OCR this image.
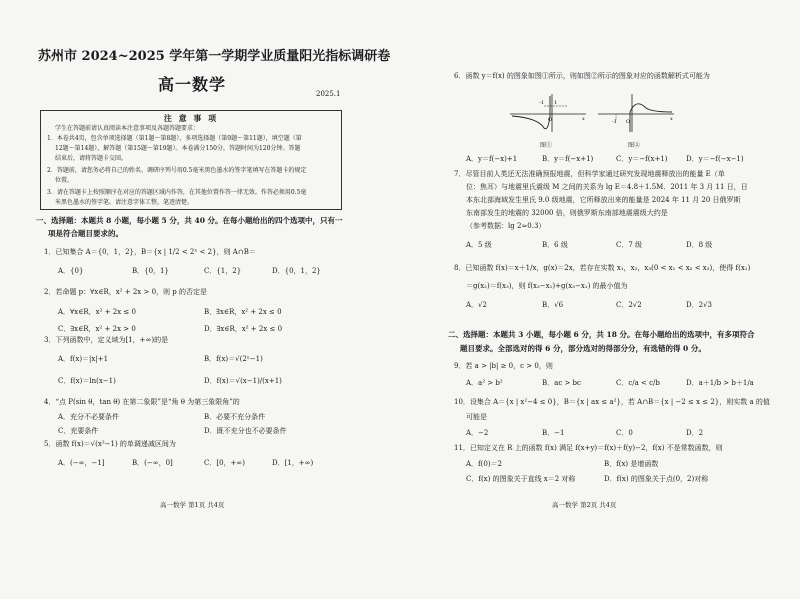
苏州市 2024~2025 学年第一学期学业质量阳光指标调研卷
高一数学	2025.1
注 意 事 项
学生在答题前请认真阅读本注意事项及各题答题要求：
1．本卷共4页，包含单项选择题（第1题～第8题），多项选择题（第9题～第11题），填空题（第
12题～第14题），解答题（第15题～第19题）。本卷满分150分，答题时间为120分钟。答题
结束后，请将答题卡交回。
2．答题前，请您务必将自己的姓名、调研序列号用0.5毫米黑色墨水的签字笔填写在答题卡的规定
位置。
3．请在答题卡上按照顺序在对应的答题区域内作答，在其他位置作答一律无效。作答必须用0.5毫
米黑色墨水的签字笔。请注意字体工整，笔迹清楚。
一、选择题：本题共 8 小题，每小题 5 分，共 40 分。在每小题给出的四个选项中，只有一
项是符合题目要求的。
1．已知集合 A＝{0，1，2}，B＝{x | 1/2 < 2ˣ < 2}，则 A∩B＝
A．{0}	B．{0，1}	C．{1，2}	D．{0，1，2}
2．若命题 p：∀x∈R，x² + 2x > 0，则 p 的否定是
A．∀x∈R，x² + 2x ≤ 0	B．∃x∈R，x² + 2x ≤ 0
C．∃x∈R，x² + 2x > 0	D．∃x∈R，x² + 2x ≤ 0
3．下列函数中，定义域为[1，+∞)的是
A．f(x)＝|x|+1	B．f(x)＝√(2ˣ−1)
C．f(x)＝ln(x−1)	D．f(x)＝√(x−1)/(x+1)
4．“点 P(sin θ，tan θ) 在第二象限”是“角 θ 为第三象限角”的
A．充分不必要条件	B．必要不充分条件
C．充要条件	D．既不充分也不必要条件
5．函数 f(x)＝√(x²−1) 的单调递减区间为
A．(−∞，−1]	B．(−∞，0]	C．[0，+∞)	D．[1，+∞)
高一数学 第1页 共4页
6．函数 y＝f(x) 的图象如图①所示，则如图②所示的图象对应的函数解析式可能为
-1 1
O	x
图①
-1 O	x
图②
A．y＝f(−x)+1	B．y＝f(−x+1)	C．y＝−f(x+1)	D．y＝−f(−x−1)
7．尽管目前人类还无法准确预报地震，但科学家通过研究发现地震释放出的能量 E（单
位：焦耳）与地震里氏震级 M 之间的关系为 lg E＝4.8＋1.5M．2011 年 3 月 11 日，日
本东北部海域发生里氏 9.0 级地震，它所释放出来的能量是 2024 年 11 月 20 日俄罗斯
东南部发生的地震的 32000 倍，则俄罗斯东南部地震震级大约是
（参考数据：lg 2≈0.3）
A．5 级	B．6 级	C．7 级	D．8 级
8．已知函数 f(x)＝x＋1/x，g(x)＝2x，若存在实数 x₁，x₂，x₃(0 < x₁ < x₂ < x₃)，使得 f(x₁)
＝g(x₂)＝f(x₃)，则 f(x₃−x₁)+g(x₃−x₁) 的最小值为
A．√2	B．√6	C．2√2	D．2√3
二、选择题：本题共 3 小题，每小题 6 分，共 18 分。在每小题给出的选项中，有多项符合
题目要求。全部选对的得 6 分，部分选对的得部分分，有选错的得 0 分。
9．若 a > |b| ≥ 0，c > 0，则
A．a² > b²	B．ac > bc	C．c/a < c/b	D．a＋1/b > b＋1/a
10．设集合 A＝{x | x²−4 ≤ 0}，B＝{x | ax ≤ a²}，若 A∩B＝{x | −2 ≤ x ≤ 2}，则实数 a 的值
可能是
A．−2	B．−1	C．0	D．2
11．已知定义在 R 上的函数 f(x) 满足 f(x+y)＝f(x)＋f(y)−2，f(x) 不是常数函数，则
A．f(0)＝2	B．f(x) 是增函数
C．f(x) 的图象关于直线 x＝2 对称	D．f(x) 的图象关于点(0，2)对称
高一数学 第2页 共4页
